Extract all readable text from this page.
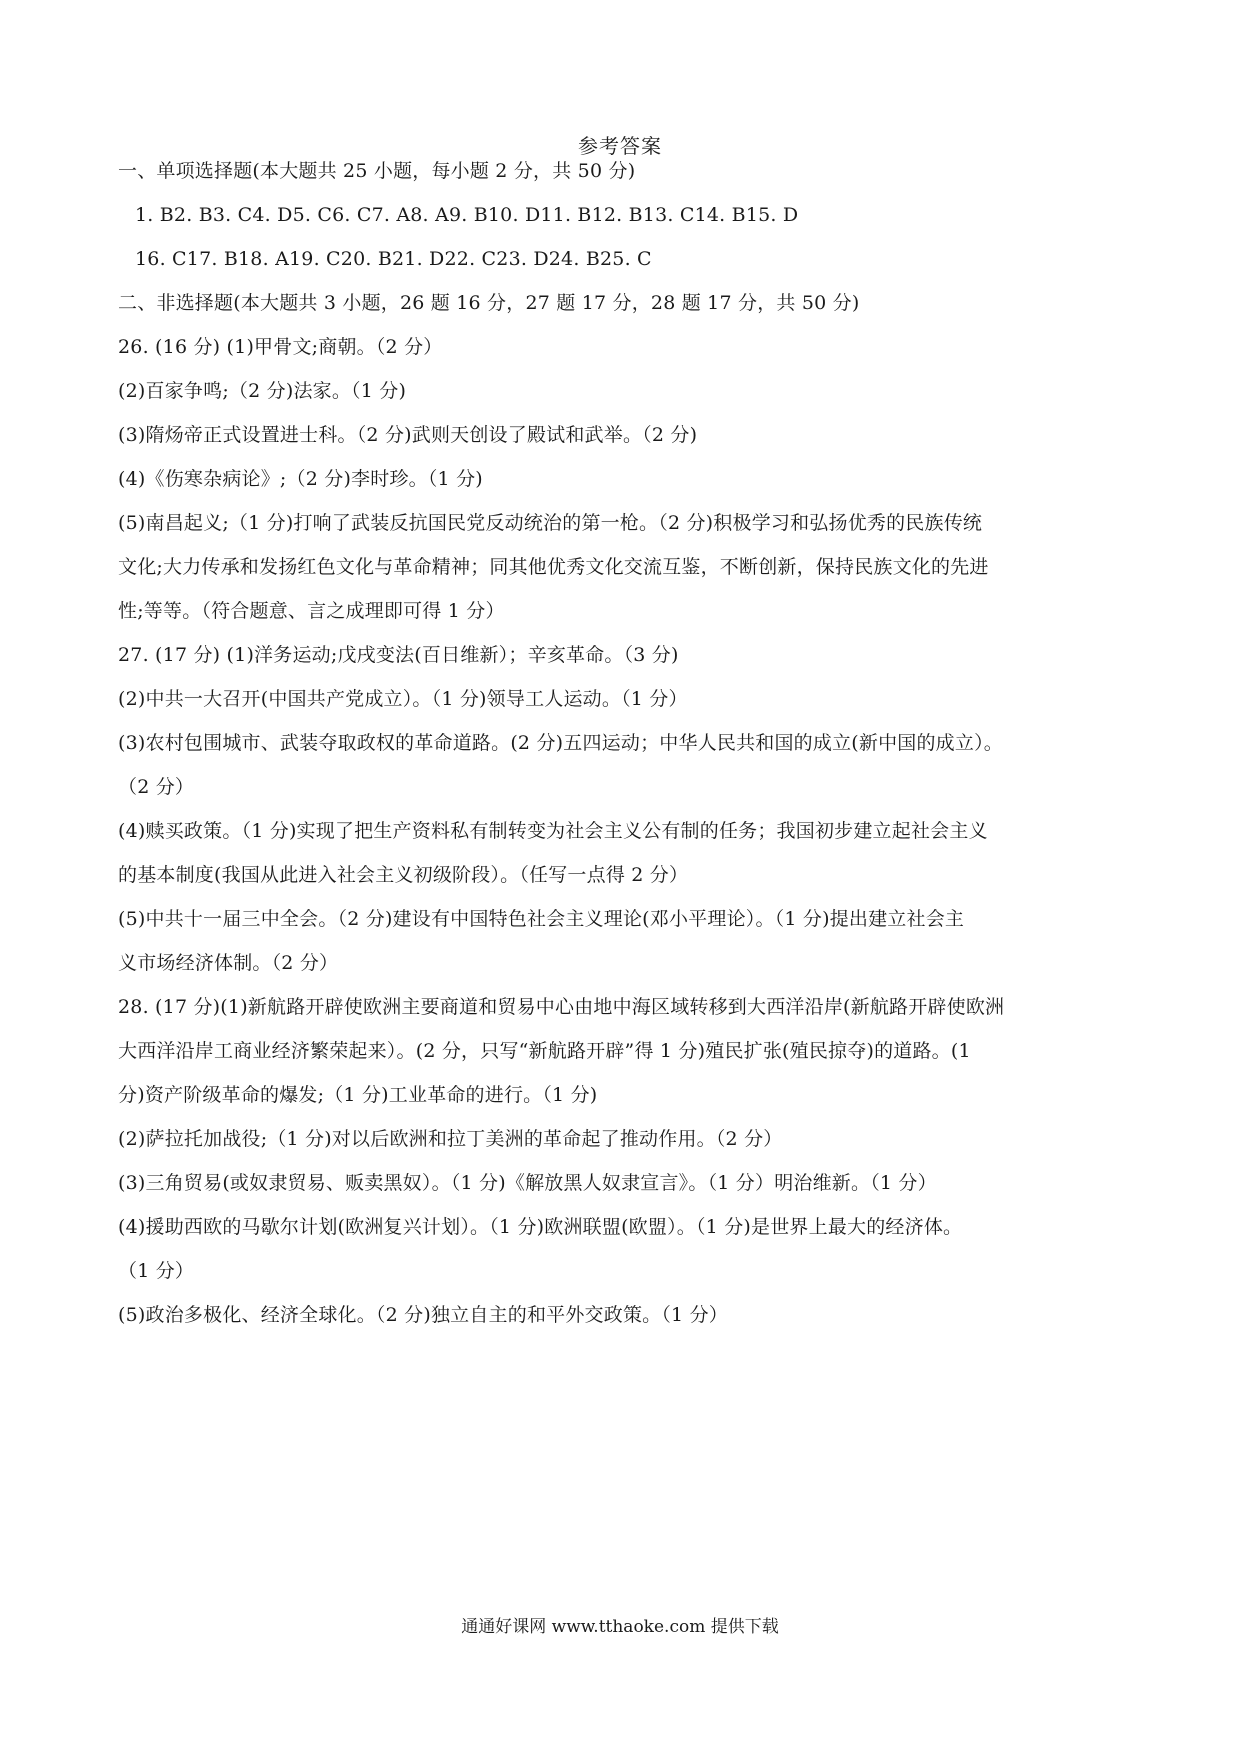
参考答案
一、单项选择题(本大题共 25 小题，每小题 2 分，共 50 分)
1. B2. B3. C4. D5. C6. C7. A8. A9. B10. D11. B12. B13. C14. B15. D
16. C17. B18. A19. C20. B21. D22. C23. D24. B25. C
二、非选择题(本大题共 3 小题，26 题 16 分，27 题 17 分，28 题 17 分，共 50 分)
26. (16 分) (1)甲骨文;商朝。（2 分）
(2)百家争鸣;（2 分)法家。（1 分)
(3)隋炀帝正式设置进士科。（2 分)武则天创设了殿试和武举。（2 分)
(4)《伤寒杂病论》;（2 分)李时珍。（1 分)
(5)南昌起义;（1 分)打响了武装反抗国民党反动统治的第一枪。（2 分)积极学习和弘扬优秀的民族传统
文化;大力传承和发扬红色文化与革命精神；同其他优秀文化交流互鉴，不断创新，保持民族文化的先进
性;等等。（符合题意、言之成理即可得 1 分）
27. (17 分) (1)洋务运动;戊戌变法(百日维新）；辛亥革命。（3 分)
(2)中共一大召开(中国共产党成立）。（1 分)领导工人运动。（1 分）
(3)农村包围城市、武装夺取政权的革命道路。(2 分)五四运动；中华人民共和国的成立(新中国的成立）。
（2 分）
(4)赎买政策。（1 分)实现了把生产资料私有制转变为社会主义公有制的任务；我国初步建立起社会主义
的基本制度(我国从此进入社会主义初级阶段）。（任写一点得 2 分）
(5)中共十一届三中全会。（2 分)建设有中国特色社会主义理论(邓小平理论）。（1 分)提出建立社会主
义市场经济体制。（2 分）
28. (17 分)(1)新航路开辟使欧洲主要商道和贸易中心由地中海区域转移到大西洋沿岸(新航路开辟使欧洲
大西洋沿岸工商业经济繁荣起来）。(2 分，只写“新航路开辟”得 1 分)殖民扩张(殖民掠夺)的道路。(1
分)资产阶级革命的爆发;（1 分)工业革命的进行。（1 分)
(2)萨拉托加战役;（1 分)对以后欧洲和拉丁美洲的革命起了推动作用。（2 分）
(3)三角贸易(或奴隶贸易、贩卖黑奴）。（1 分)《解放黑人奴隶宣言》。（1 分）明治维新。（1 分）
(4)援助西欧的马歇尔计划(欧洲复兴计划）。（1 分)欧洲联盟(欧盟）。（1 分)是世界上最大的经济体。
（1 分）
(5)政治多极化、经济全球化。（2 分)独立自主的和平外交政策。（1 分）
通通好课网 www.tthaoke.com 提供下载
